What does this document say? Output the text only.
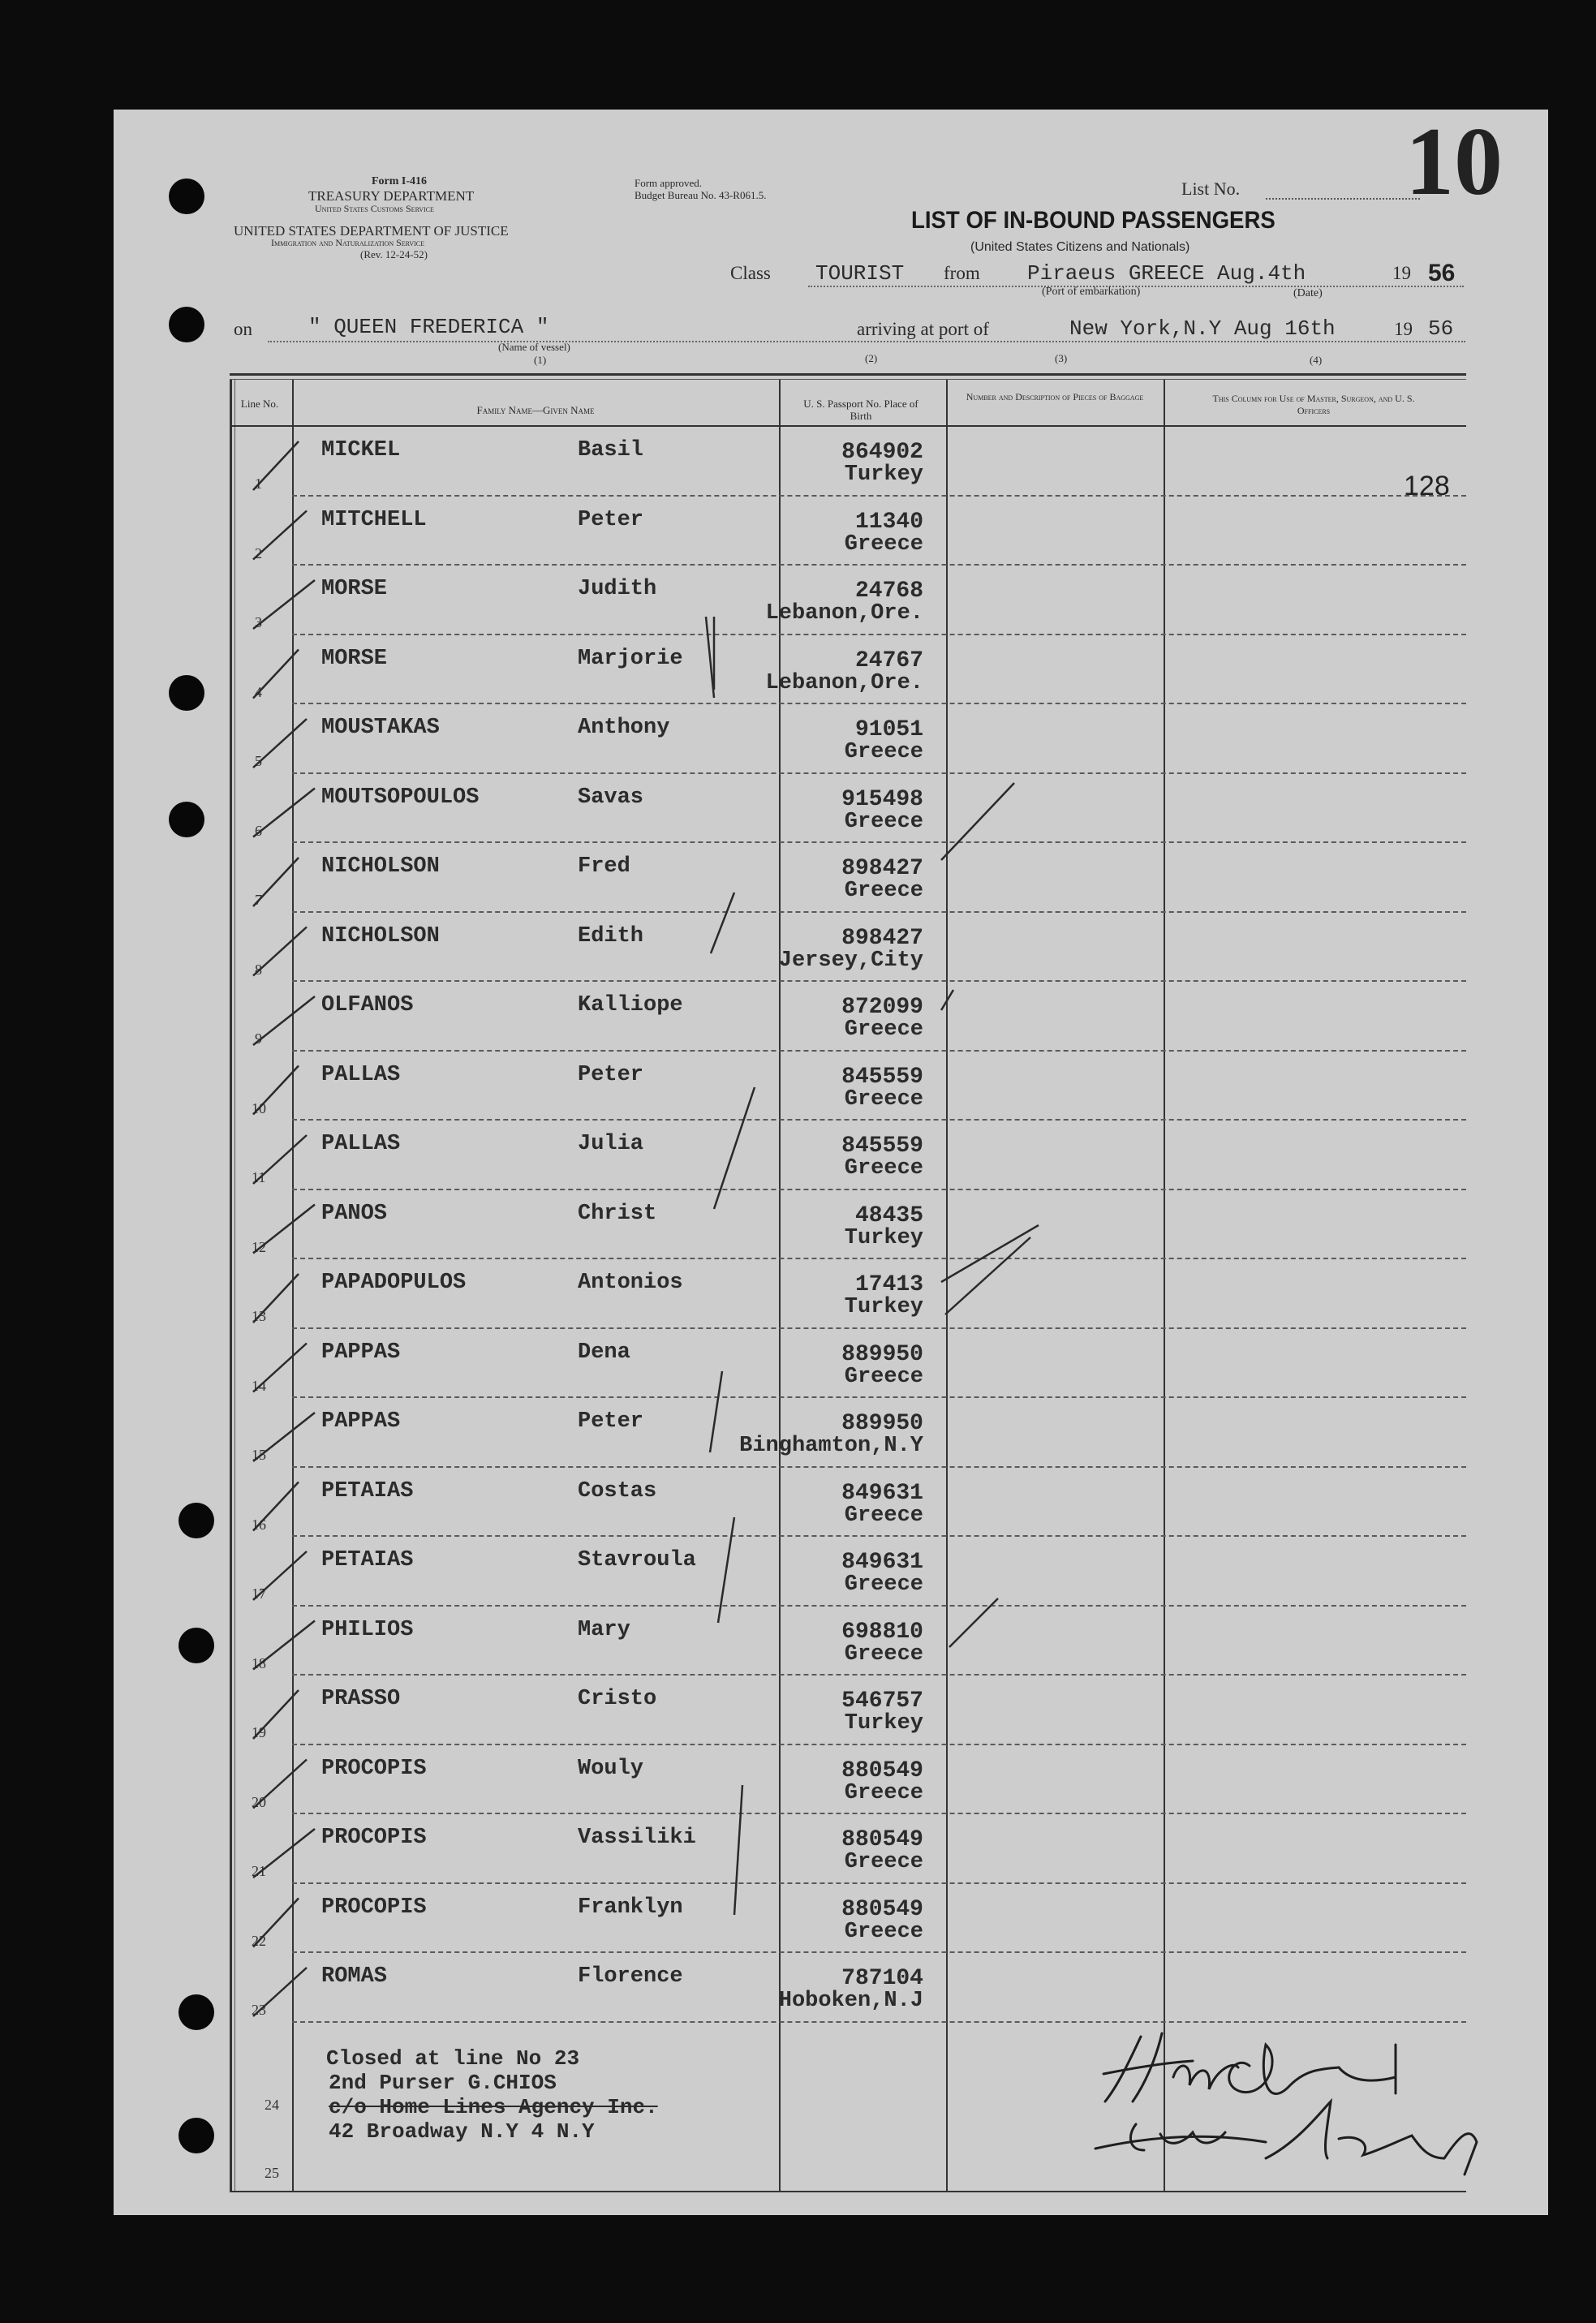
Form I-416
TREASURY DEPARTMENT
United States Customs Service
UNITED STATES DEPARTMENT OF JUSTICE
Immigration and Naturalization Service
(Rev. 12-24-52)
Form approved.
Budget Bureau No. 43-R061.5.	List No. 10
LIST OF IN-BOUND PASSENGERS
(United States Citizens and Nationals)
Class TOURIST from Piraeus GREECE Aug.4th	19 56
(Port of embarkation)	(Date)
on	" QUEEN FREDERICA "	arriving at port of	New York,N.Y Aug 16th	19 56
(Name of vessel)
(1)	(2)	(3)	(4)
1
MICKEL	Basil	864902
Turkey
2
MITCHELL	Peter	11340
Greece
3
MORSE	Judith	24768
Lebanon,Ore.
4
MORSE	Marjorie	24767
Lebanon,Ore.
5
MOUSTAKAS	Anthony	91051
Greece
6
MOUTSOPOULOS	Savas	915498
Greece
7
NICHOLSON	Fred	898427
Greece
8
NICHOLSON	Edith	898427
Jersey,City
9
OLFANOS	Kalliope	872099
Greece
10
PALLAS	Peter	845559
Greece
11
PALLAS	Julia	845559
Greece
12
PANOS	Christ	48435
Turkey
13
PAPADOPULOS	Antonios	17413
Turkey
14
PAPPAS	Dena	889950
Greece
15
PAPPAS	Peter	889950
Binghamton,N.Y
16
PETAIAS	Costas	849631
Greece
17
PETAIAS	Stavroula	849631
Greece
18
PHILIOS	Mary	698810
Greece
19
PRASSO	Cristo	546757
Turkey
20
PROCOPIS	Wouly	880549
Greece
21
PROCOPIS	Vassiliki	880549
Greece
22
PROCOPIS	Franklyn	880549
Greece
23
ROMAS	Florence	787104
Hoboken,N.J
Line No.
Family Name—Given Name
U. S. Passport No. Place of Birth
Number and Description of Pieces of Baggage	This Column for Use of Master, Surgeon, and U. S. Officers
128
Closed at line No 23
2nd Purser G.CHIOS
c/o Home Lines Agency Inc.
42 Broadway N.Y 4 N.Y
24
25
